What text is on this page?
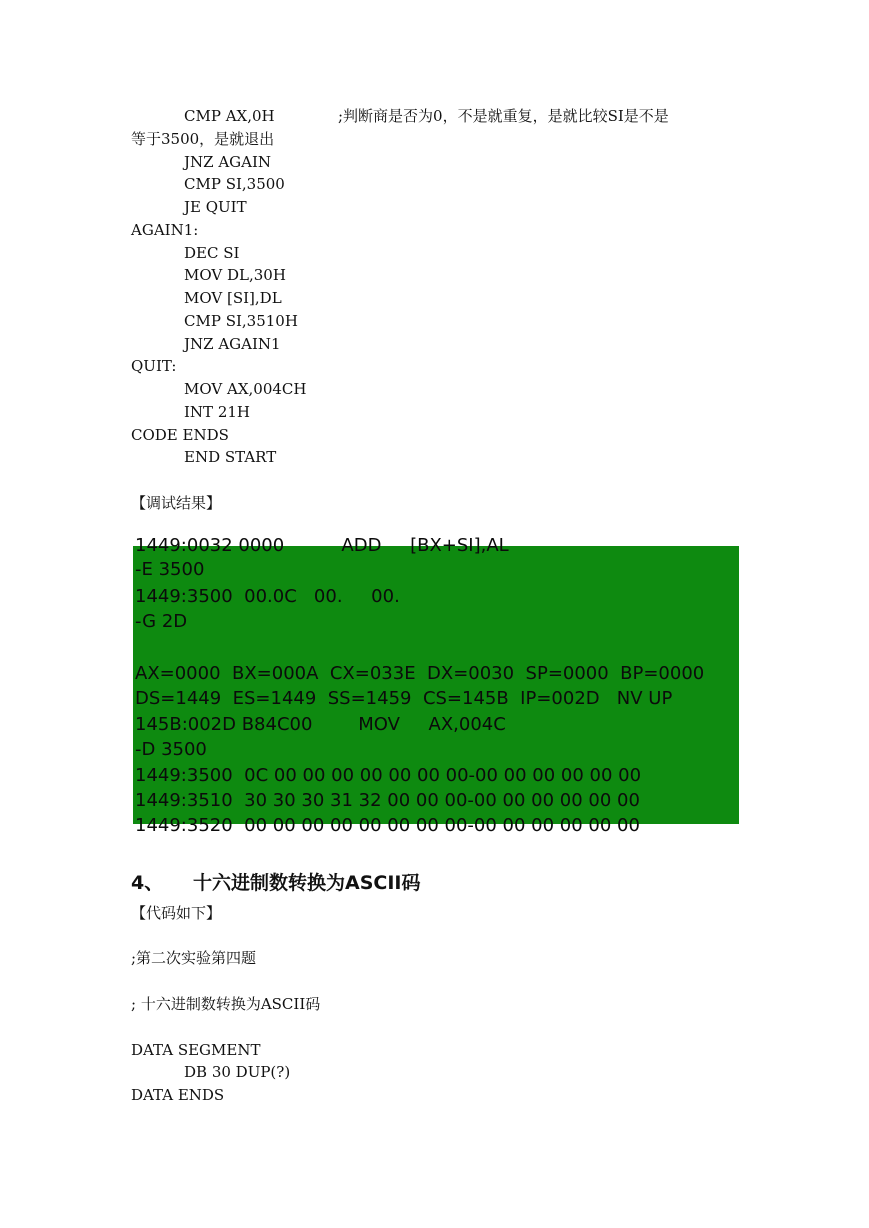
CMP AX,0H	;判断商是否为0，不是就重复，是就比较SI是不是
等于3500，是就退出
JNZ AGAIN
CMP SI,3500
JE QUIT
AGAIN1:
DEC SI
MOV DL,30H
MOV [SI],DL
CMP SI,3510H
JNZ AGAIN1
QUIT:
MOV AX,004CH
INT 21H
CODE ENDS
END START
【调试结果】
1449:0032 0000          ADD     [BX+SI],AL
-E 3500
1449:3500  00.0C   00.     00.
-G 2D
AX=0000  BX=000A  CX=033E  DX=0030  SP=0000  BP=0000
DS=1449  ES=1449  SS=1459  CS=145B  IP=002D   NV UP
145B:002D B84C00        MOV     AX,004C
-D 3500
1449:3500  0C 00 00 00 00 00 00 00-00 00 00 00 00 00
1449:3510  30 30 30 31 32 00 00 00-00 00 00 00 00 00
1449:3520  00 00 00 00 00 00 00 00-00 00 00 00 00 00
4、 十六进制数转换为ASCII码
【代码如下】
;第二次实验第四题
; 十六进制数转换为ASCII码
DATA SEGMENT
DB 30 DUP(?)
DATA ENDS
